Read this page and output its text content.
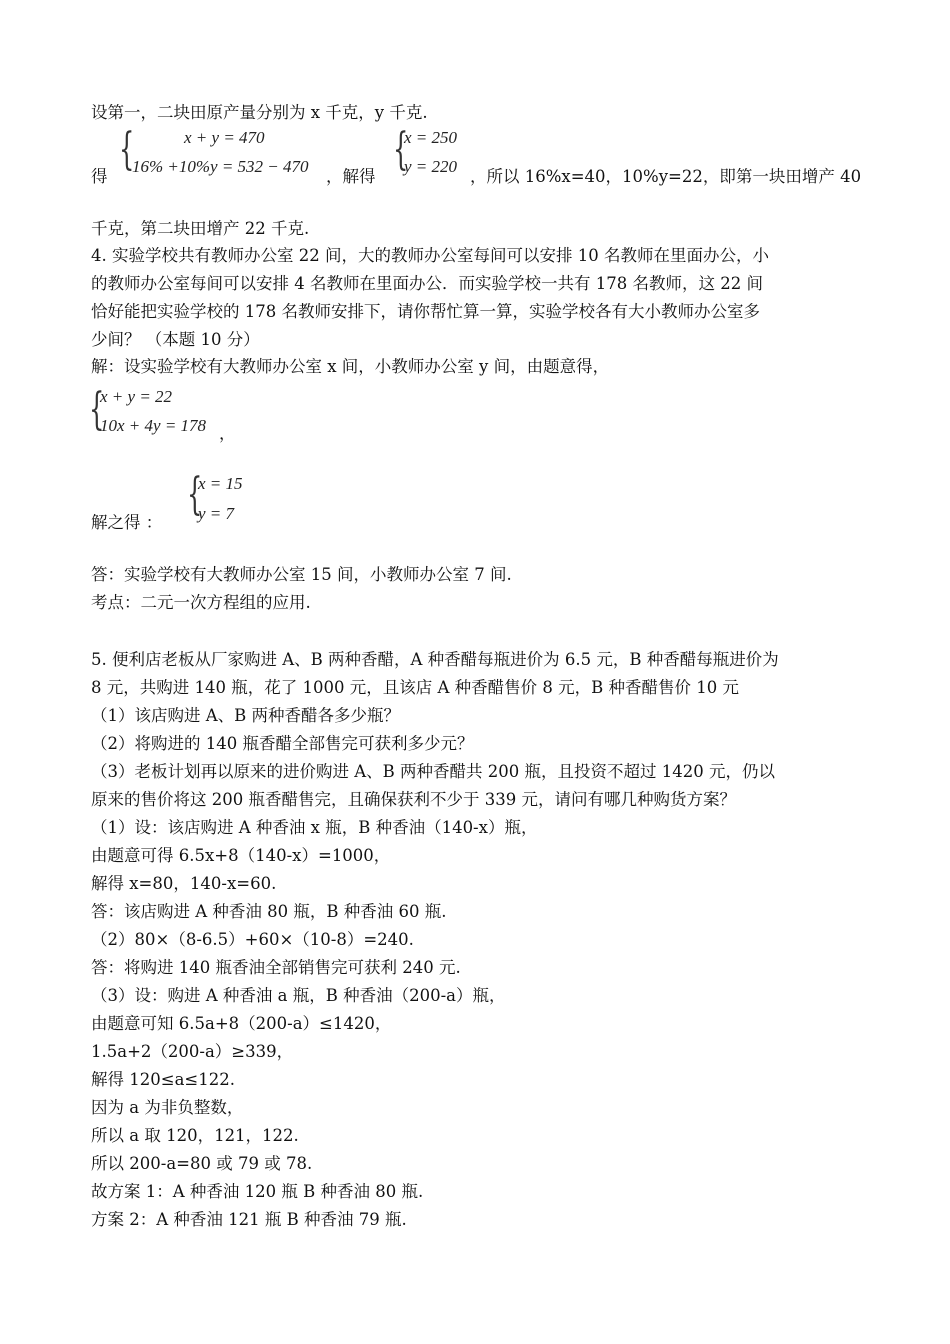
设第一，二块田原产量分别为 x 千克，y 千克.
得
{	x + y = 470
16% +10%y = 532 − 470
，解得
{
x = 250
y = 220
，所以 16%x=40，10%y=22，即第一块田增产 40
千克，第二块田增产 22 千克.
4. 实验学校共有教师办公室 22 间，大的教师办公室每间可以安排 10 名教师在里面办公，小
的教师办公室每间可以安排 4 名教师在里面办公．而实验学校一共有 178 名教师，这 22 间
恰好能把实验学校的 178 名教师安排下，请你帮忙算一算，实验学校各有大小教师办公室多
少间？ （本题 10 分）
解：设实验学校有大教师办公室 x 间，小教师办公室 y 间，由题意得，
{
x + y = 22
10x + 4y = 178 ，
解之得 ：
{
x = 15
y = 7
答：实验学校有大教师办公室 15 间，小教师办公室 7 间.
考点：二元一次方程组的应用.
5. 便利店老板从厂家购进 A、B 两种香醋，A 种香醋每瓶进价为 6.5 元，B 种香醋每瓶进价为
8 元，共购进 140 瓶，花了 1000 元，且该店 A 种香醋售价 8 元，B 种香醋售价 10 元
（1）该店购进 A、B 两种香醋各多少瓶？
（2）将购进的 140 瓶香醋全部售完可获利多少元？
（3）老板计划再以原来的进价购进 A、B 两种香醋共 200 瓶，且投资不超过 1420 元，仍以
原来的售价将这 200 瓶香醋售完，且确保获利不少于 339 元，请问有哪几种购货方案？
（1）设：该店购进 A 种香油 x 瓶，B 种香油（140-x）瓶，
由题意可得 6.5x+8（140-x）=1000，
解得 x=80，140-x=60.
答：该店购进 A 种香油 80 瓶，B 种香油 60 瓶.
（2）80×（8-6.5）+60×（10-8）=240.
答：将购进 140 瓶香油全部销售完可获利 240 元.
（3）设：购进 A 种香油 a 瓶，B 种香油（200-a）瓶，
由题意可知 6.5a+8（200-a）≤1420，
1.5a+2（200-a）≥339，
解得 120≤a≤122.
因为 a 为非负整数，
所以 a 取 120，121，122.
所以 200-a=80 或 79 或 78.
故方案 1：A 种香油 120 瓶 B 种香油 80 瓶.
方案 2：A 种香油 121 瓶 B 种香油 79 瓶.
